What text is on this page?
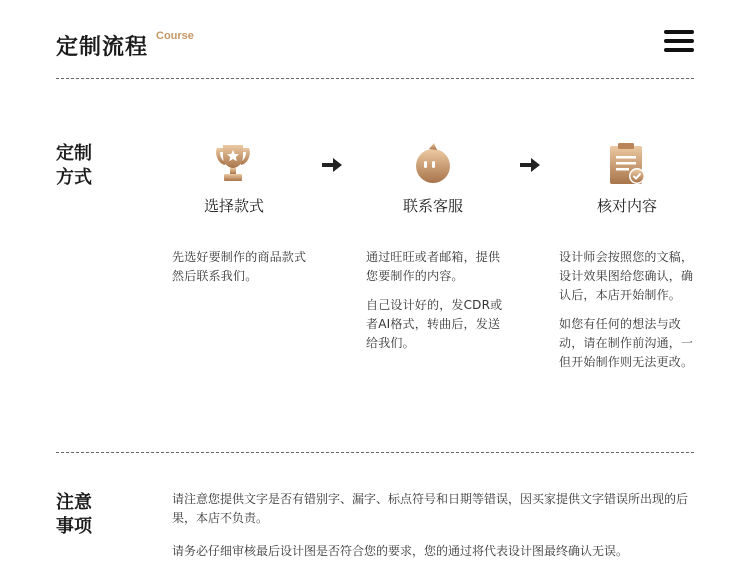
定制流程 Course
定制
方式
选择款式	联系客服	核对内容

先选好要制作的商品款式然后联系我们。

通过旺旺或者邮箱，提供您要制作的内容。

自己设计好的，发CDR或者AI格式，转曲后，发送给我们。

设计师会按照您的文稿，设计效果图给您确认，确认后，本店开始制作。

如您有任何的想法与改动，请在制作前沟通，一但开始制作则无法更改。

注意
事项

请注意您提供文字是否有错别字、漏字、标点符号和日期等错误，因买家提供文字错误所出现的后果，本店不负责。

请务必仔细审核最后设计图是否符合您的要求，您的通过将代表设计图最终确认无误。
